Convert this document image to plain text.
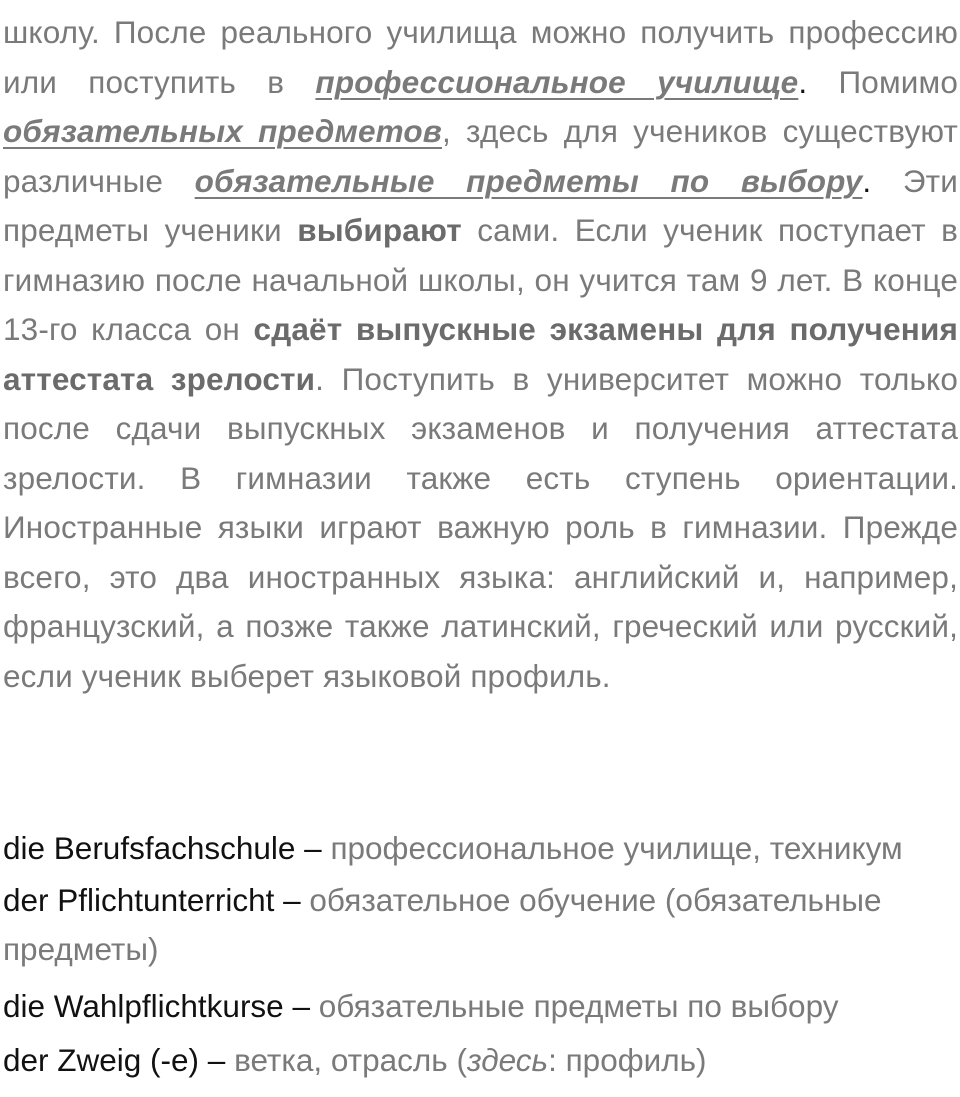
школу. После реального училища можно получить профессию или поступить в профессиональное училище. Помимо обязательных предметов, здесь для учеников существуют различные обязательные предметы по выбору. Эти предметы ученики выбирают сами. Если ученик поступает в гимназию после начальной школы, он учится там 9 лет. В конце 13-го класса он сдаёт выпускные экзамены для получения аттестата зрелости. Поступить в университет можно только после сдачи выпускных экзаменов и получения аттестата зрелости. В гимназии также есть ступень ориентации. Иностранные языки играют важную роль в гимназии. Прежде всего, это два иностранных языка: английский и, например, французский, а позже также латинский, греческий или русский, если ученик выберет языковой профиль.

die Berufsfachschule – профессиональное училище, техникум
der Pflichtunterricht – обязательное обучение (обязательные предметы)
die Wahlpflichtkurse – обязательные предметы по выбору
der Zweig (-e) – ветка, отрасль (здесь: профиль)
